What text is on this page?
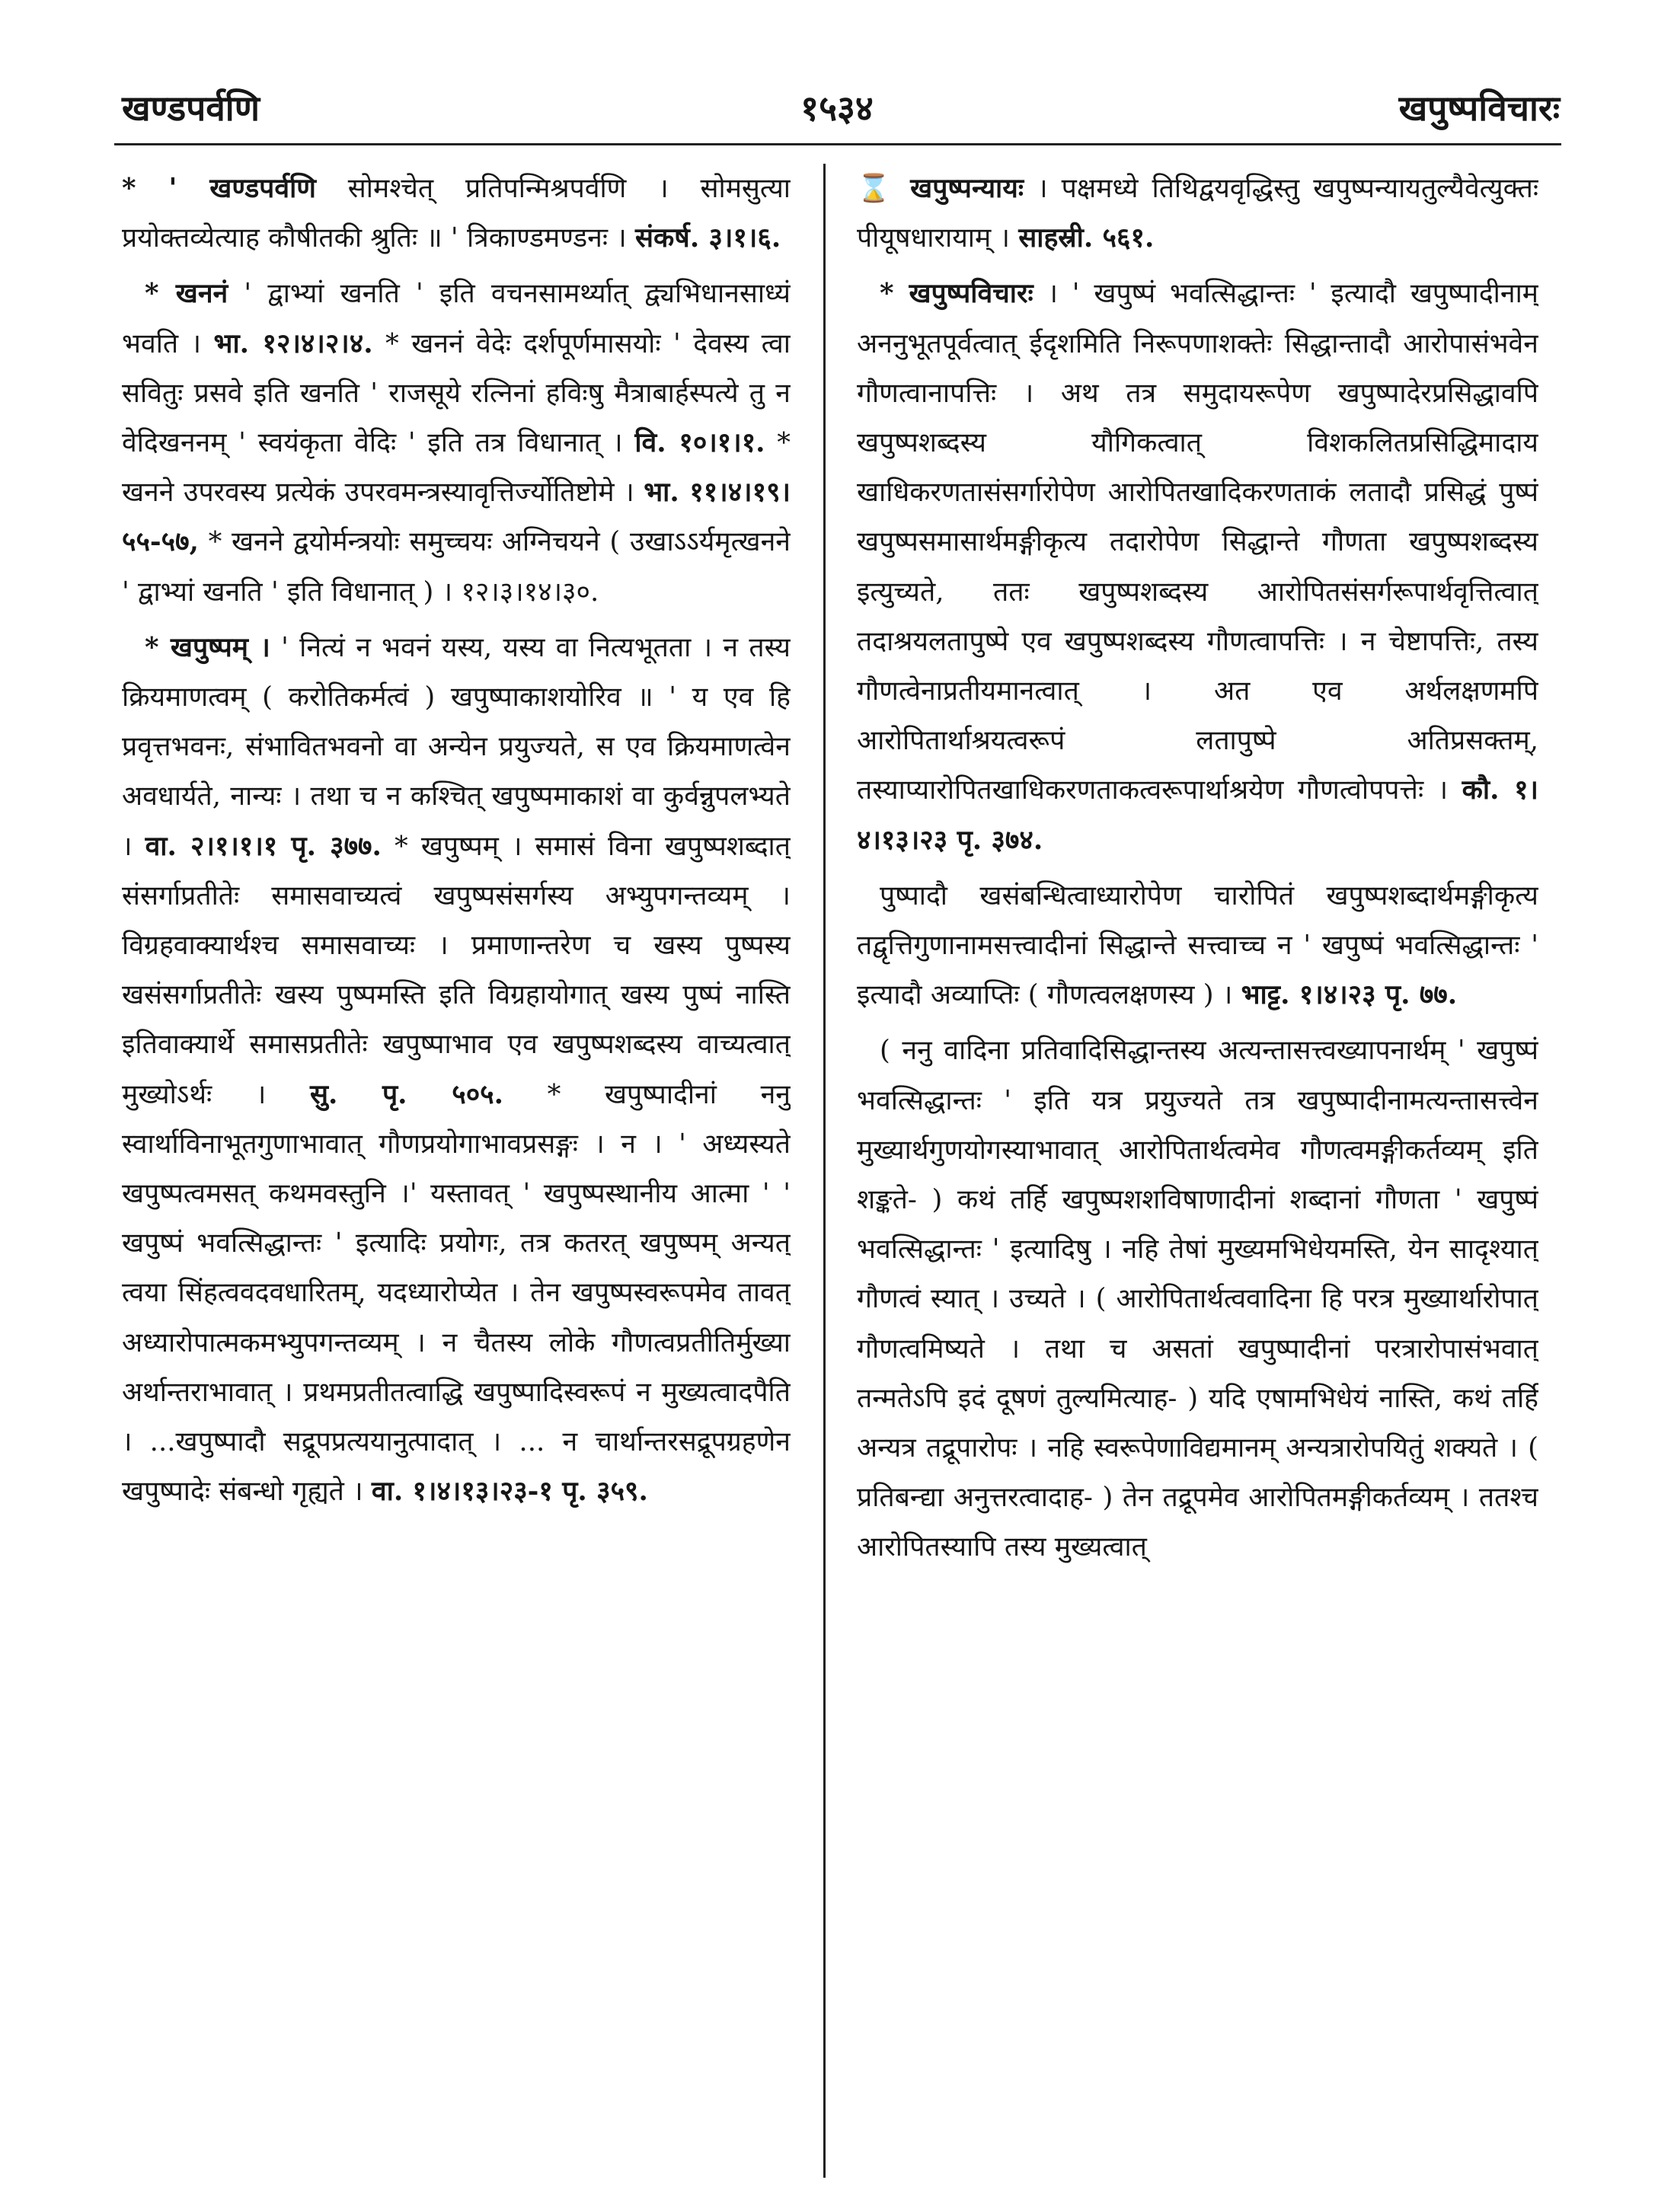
खण्डपर्वणि	१५३४	खपुष्पविचारः

* ' खण्डपर्वणि सोमश्चेत् प्रतिपन्मिश्रपर्वणि । सोमसुत्या प्रयोक्तव्येत्याह कौषीतकी श्रुतिः ॥ ' त्रिकाण्डमण्डनः । संकर्ष. ३।१।६.

* खननं ' द्वाभ्यां खनति ' इति वचनसामर्थ्यात् द्व्यभिधानसाध्यं भवति । भा. १२।४।२।४. * खननं वेदेः दर्शपूर्णमासयोः ' देवस्य त्वा सवितुः प्रसवे इति खनति ' राजसूये रत्निनां हविःषु मैत्राबार्हस्पत्ये तु न वेदिखननम् ' स्वयंकृता वेदिः ' इति तत्र विधानात् । वि. १०।१।१. * खनने उपरवस्य प्रत्येकं उपरवमन्त्रस्यावृत्तिर्ज्योतिष्टोमे । भा. ११।४।१९।५५-५७, * खनने द्वयोर्मन्त्रयोः समुच्चयः अग्निचयने ( उखाऽऽर्यमृत्खनने ' द्वाभ्यां खनति ' इति विधानात् ) । १२।३।१४।३०.

* खपुष्पम् । ' नित्यं न भवनं यस्य, यस्य वा नित्यभूतता । न तस्य क्रियमाणत्वम् ( करोतिकर्मत्वं ) खपुष्पाकाशयोरिव ॥ ' य एव हि प्रवृत्तभवनः, संभावितभवनो वा अन्येन प्रयुज्यते, स एव क्रियमाणत्वेन अवधार्यते, नान्यः । तथा च न कश्चित् खपुष्पमाकाशं वा कुर्वन्नुपलभ्यते । वा. २।१।१।१ पृ. ३७७. * खपुष्पम् । समासं विना खपुष्पशब्दात् संसर्गाप्रतीतेः समासवाच्यत्वं खपुष्पसंसर्गस्य अभ्युपगन्तव्यम् । विग्रहवाक्यार्थश्च समासवाच्यः । प्रमाणान्तरेण च खस्य पुष्पस्य खसंसर्गाप्रतीतेः खस्य पुष्पमस्ति इति विग्रहायोगात् खस्य पुष्पं नास्ति इतिवाक्यार्थे समासप्रतीतेः खपुष्पाभाव एव खपुष्पशब्दस्य वाच्यत्वात् मुख्योऽर्थः । सु. पृ. ५०५. * खपुष्पादीनां ननु स्वार्थाविनाभूतगुणाभावात् गौणप्रयोगाभावप्रसङ्गः । न । ' अध्यस्यते खपुष्पत्वमसत् कथमवस्तुनि ।' यस्तावत् ' खपुष्पस्थानीय आत्मा ' ' खपुष्पं भवत्सिद्धान्तः ' इत्यादिः प्रयोगः, तत्र कतरत् खपुष्पम् अन्यत् त्वया सिंहत्ववदवधारितम्, यदध्यारोप्येत । तेन खपुष्पस्वरूपमेव तावत् अध्यारोपात्मकमभ्युपगन्तव्यम् । न चैतस्य लोके गौणत्वप्रतीतिर्मुख्या अर्थान्तराभावात् । प्रथमप्रतीतत्वाद्धि खपुष्पादिस्वरूपं न मुख्यत्वादपैति । ...खपुष्पादौ सद्रूपप्रत्ययानुत्पादात् । ... न चार्थान्तरसद्रूपग्रहणेन खपुष्पादेः संबन्धो गृह्यते । वा. १।४।१३।२३-१ पृ. ३५९.

⌛ खपुष्पन्यायः । पक्षमध्ये तिथिद्वयवृद्धिस्तु खपुष्पन्यायतुल्यैवेत्युक्तः पीयूषधारायाम् । साहस्री. ५६१.

* खपुष्पविचारः । ' खपुष्पं भवत्सिद्धान्तः ' इत्यादौ खपुष्पादीनाम् अननुभूतपूर्वत्वात् ईदृशमिति निरूपणाशक्तेः सिद्धान्तादौ आरोपासंभवेन गौणत्वानापत्तिः । अथ तत्र समुदायरूपेण खपुष्पादेरप्रसिद्धावपि खपुष्पशब्दस्य यौगिकत्वात् विशकलितप्रसिद्धिमादाय खाधिकरणतासंसर्गारोपेण आरोपितखादिकरणताकं लतादौ प्रसिद्धं पुष्पं खपुष्पसमासार्थमङ्गीकृत्य तदारोपेण सिद्धान्ते गौणता खपुष्पशब्दस्य इत्युच्यते, ततः खपुष्पशब्दस्य आरोपितसंसर्गरूपार्थवृत्तित्वात् तदाश्रयलतापुष्पे एव खपुष्पशब्दस्य गौणत्वापत्तिः । न चेष्टापत्तिः, तस्य गौणत्वेनाप्रतीयमानत्वात् । अत एव अर्थलक्षणमपि आरोपितार्थाश्रयत्वरूपं लतापुष्पे अतिप्रसक्तम्, तस्याप्यारोपितखाधिकरणताकत्वरूपार्थाश्रयेण गौणत्वोपपत्तेः । कौ. १।४।१३।२३ पृ. ३७४.

पुष्पादौ खसंबन्धित्वाध्यारोपेण चारोपितं खपुष्पशब्दार्थमङ्गीकृत्य तद्वृत्तिगुणानामसत्त्वादीनां सिद्धान्ते सत्त्वाच्च न ' खपुष्पं भवत्सिद्धान्तः ' इत्यादौ अव्याप्तिः ( गौणत्वलक्षणस्य ) । भाट्ट. १।४।२३ पृ. ७७.

( ननु वादिना प्रतिवादिसिद्धान्तस्य अत्यन्तासत्त्वख्यापनार्थम् ' खपुष्पं भवत्सिद्धान्तः ' इति यत्र प्रयुज्यते तत्र खपुष्पादीनामत्यन्तासत्त्वेन मुख्यार्थगुणयोगस्याभावात् आरोपितार्थत्वमेव गौणत्वमङ्गीकर्तव्यम् इति शङ्कते- ) कथं तर्हि खपुष्पशशविषाणादीनां शब्दानां गौणता ' खपुष्पं भवत्सिद्धान्तः ' इत्यादिषु । नहि तेषां मुख्यमभिधेयमस्ति, येन सादृश्यात् गौणत्वं स्यात् । उच्यते । ( आरोपितार्थत्ववादिना हि परत्र मुख्यार्थारोपात् गौणत्वमिष्यते । तथा च असतां खपुष्पादीनां परत्रारोपासंभवात् तन्मतेऽपि इदं दूषणं तुल्यमित्याह- ) यदि एषामभिधेयं नास्ति, कथं तर्हि अन्यत्र तद्रूपारोपः । नहि स्वरूपेणाविद्यमानम् अन्यत्रारोपयितुं शक्यते । ( प्रतिबन्द्या अनुत्तरत्वादाह- ) तेन तद्रूपमेव आरोपितमङ्गीकर्तव्यम् । ततश्च आरोपितस्यापि तस्य मुख्यत्वात्
